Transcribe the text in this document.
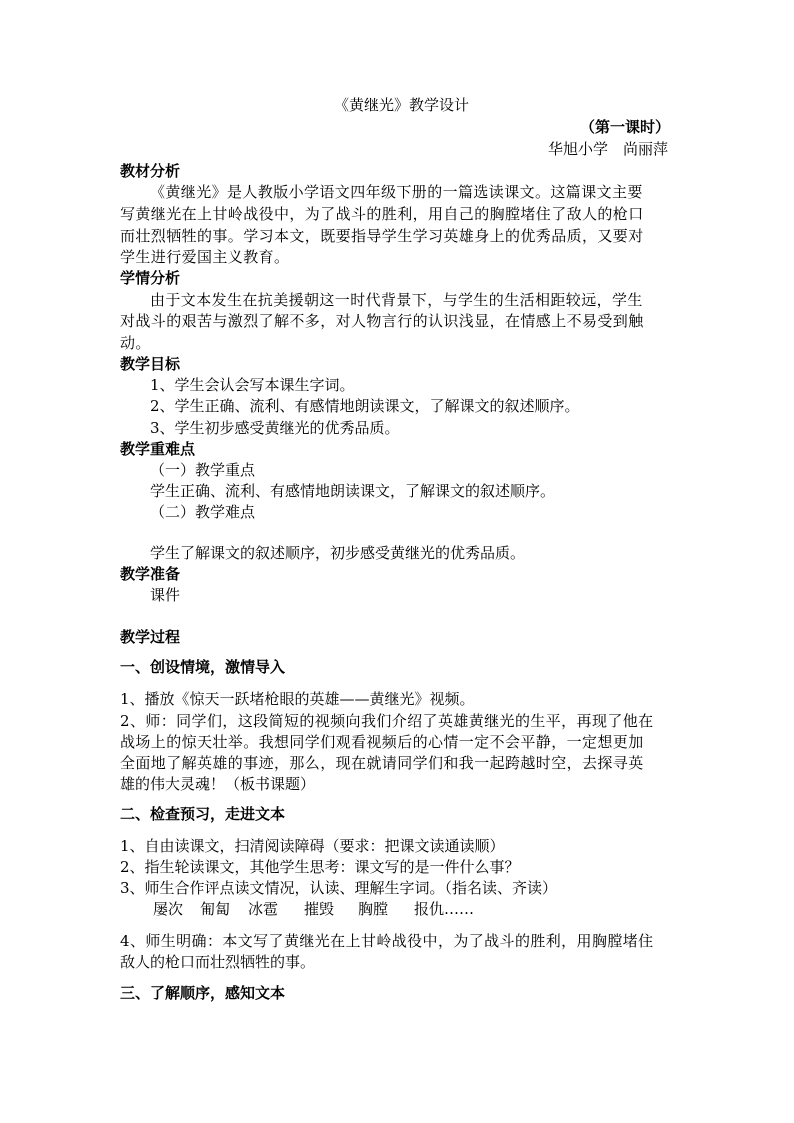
《黄继光》教学设计
（第一课时）
华旭小学　尚丽萍
教材分析
《黄继光》是人教版小学语文四年级下册的一篇选读课文。这篇课文主要
写黄继光在上甘岭战役中，为了战斗的胜利，用自己的胸膛堵住了敌人的枪口
而壮烈牺牲的事。学习本文，既要指导学生学习英雄身上的优秀品质，又要对
学生进行爱国主义教育。
学情分析
由于文本发生在抗美援朝这一时代背景下，与学生的生活相距较远，学生
对战斗的艰苦与激烈了解不多，对人物言行的认识浅显，在情感上不易受到触
动。
教学目标
1、学生会认会写本课生字词。
2、学生正确、流利、有感情地朗读课文，了解课文的叙述顺序。
3、学生初步感受黄继光的优秀品质。
教学重难点
（一）教学重点
学生正确、流利、有感情地朗读课文，了解课文的叙述顺序。
（二）教学难点
学生了解课文的叙述顺序，初步感受黄继光的优秀品质。
教学准备
课件
教学过程
一、创设情境，激情导入
1、播放《惊天一跃堵枪眼的英雄——黄继光》视频。
2、师：同学们，这段简短的视频向我们介绍了英雄黄继光的生平，再现了他在
战场上的惊天壮举。我想同学们观看视频后的心情一定不会平静，一定想更加
全面地了解英雄的事迹，那么，现在就请同学们和我一起跨越时空，去探寻英
雄的伟大灵魂！（板书课题）
二、检查预习，走进文本
1、自由读课文，扫清阅读障碍（要求：把课文读通读顺）
2、指生轮读课文，其他学生思考：课文写的是一件什么事？
3、师生合作评点读文情况，认读、理解生字词。（指名读、齐读）
屡次 匍匐 冰雹 摧毁 胸膛 报仇……
4、师生明确：本文写了黄继光在上甘岭战役中，为了战斗的胜利，用胸膛堵住
敌人的枪口而壮烈牺牲的事。
三、了解顺序，感知文本
